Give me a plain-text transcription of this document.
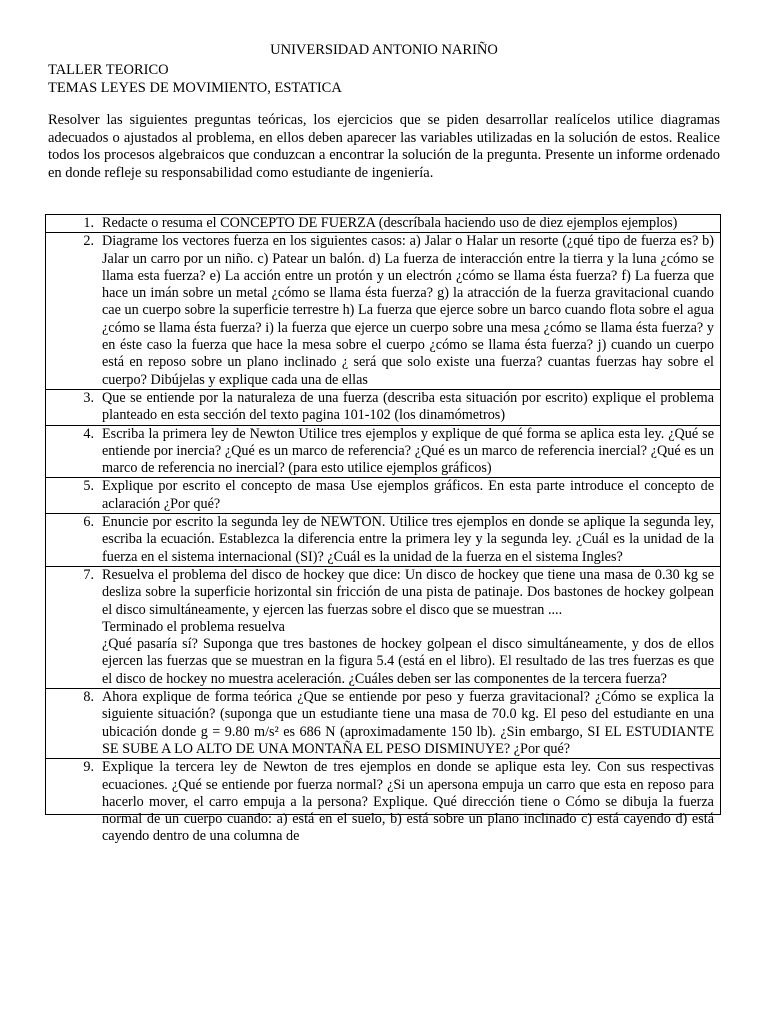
UNIVERSIDAD ANTONIO NARIÑO
TALLER TEORICO
TEMAS LEYES DE MOVIMIENTO, ESTATICA
Resolver las siguientes preguntas teóricas, los ejercicios que se piden desarrollar realícelos utilice diagramas adecuados o ajustados al problema, en ellos deben aparecer las variables utilizadas en la solución de estos. Realice todos los procesos algebraicos que conduzcan a encontrar la solución de la pregunta. Presente un informe ordenado en donde refleje su responsabilidad como estudiante de ingeniería.
1.	Redacte o resuma el CONCEPTO DE FUERZA (descríbala haciendo uso de diez ejemplos ejemplos)
2.	Diagrame los vectores fuerza en los siguientes casos: a) Jalar o Halar un resorte (¿qué tipo de fuerza es? b) Jalar un carro por un niño. c) Patear un balón. d) La fuerza de interacción entre la tierra y la luna ¿cómo se llama esta fuerza? e) La acción entre un protón y un electrón ¿cómo se llama ésta fuerza? f) La fuerza que hace un imán sobre un metal ¿cómo se llama ésta fuerza? g) la atracción de la fuerza gravitacional cuando cae un cuerpo sobre la superficie terrestre h) La fuerza que ejerce sobre un barco cuando flota sobre el agua ¿cómo se llama ésta fuerza? i) la fuerza que ejerce un cuerpo sobre una mesa ¿cómo se llama ésta fuerza? y en éste caso la fuerza que hace la mesa sobre el cuerpo ¿cómo se llama ésta fuerza? j) cuando un cuerpo está en reposo sobre un plano inclinado ¿ será que solo existe una fuerza? cuantas fuerzas hay sobre el cuerpo? Dibújelas y explique cada una de ellas
3.	Que se entiende por la naturaleza de una fuerza (describa esta situación por escrito) explique el problema planteado en esta sección del texto pagina 101-102 (los dinamómetros)
4.	Escriba la primera ley de Newton Utilice tres ejemplos y explique de qué forma se aplica esta ley. ¿Qué se entiende por inercia? ¿Qué es un marco de referencia? ¿Qué es un marco de referencia inercial? ¿Qué es un marco de referencia no inercial? (para esto utilice ejemplos gráficos)
5.	Explique por escrito el concepto de masa Use ejemplos gráficos. En esta parte introduce el concepto de aclaración ¿Por qué?
6.	Enuncie por escrito la segunda ley de NEWTON. Utilice tres ejemplos en donde se aplique la segunda ley, escriba la ecuación. Establezca la diferencia entre la primera ley y la segunda ley. ¿Cuál es la unidad de la fuerza en el sistema internacional (SI)? ¿Cuál es la unidad de la fuerza en el sistema Ingles?
7.	Resuelva el problema del disco de hockey que dice: Un disco de hockey que tiene una masa de 0.30 kg se desliza sobre la superficie horizontal sin fricción de una pista de patinaje. Dos bastones de hockey golpean el disco simultáneamente, y ejercen las fuerzas sobre el disco que se muestran ....

Terminado el problema resuelva

¿Qué pasaría sí? Suponga que tres bastones de hockey golpean el disco simultáneamente, y dos de ellos ejercen las fuerzas que se muestran en la figura 5.4 (está en el libro). El resultado de las tres fuerzas es que el disco de hockey no muestra aceleración. ¿Cuáles deben ser las componentes de la tercera fuerza?

8.	Ahora explique de forma teórica ¿Que se entiende por peso y fuerza gravitacional? ¿Cómo se explica la siguiente situación? (suponga que un estudiante tiene una masa de 70.0 kg. El peso del estudiante en una ubicación donde g = 9.80 m/s² es 686 N (aproximadamente 150 lb). ¿Sin embargo, SI EL ESTUDIANTE SE SUBE A LO ALTO DE UNA MONTAÑA EL PESO DISMINUYE? ¿Por qué?
9.	Explique la tercera ley de Newton de tres ejemplos en donde se aplique esta ley. Con sus respectivas ecuaciones. ¿Qué se entiende por fuerza normal? ¿Si un apersona empuja un carro que esta en reposo para hacerlo mover, el carro empuja a la persona? Explique. Qué dirección tiene o Cómo se dibuja la fuerza normal de un cuerpo cuando: a) está en el suelo, b) está sobre un plano inclinado c) está cayendo d) está cayendo dentro de una columna de
